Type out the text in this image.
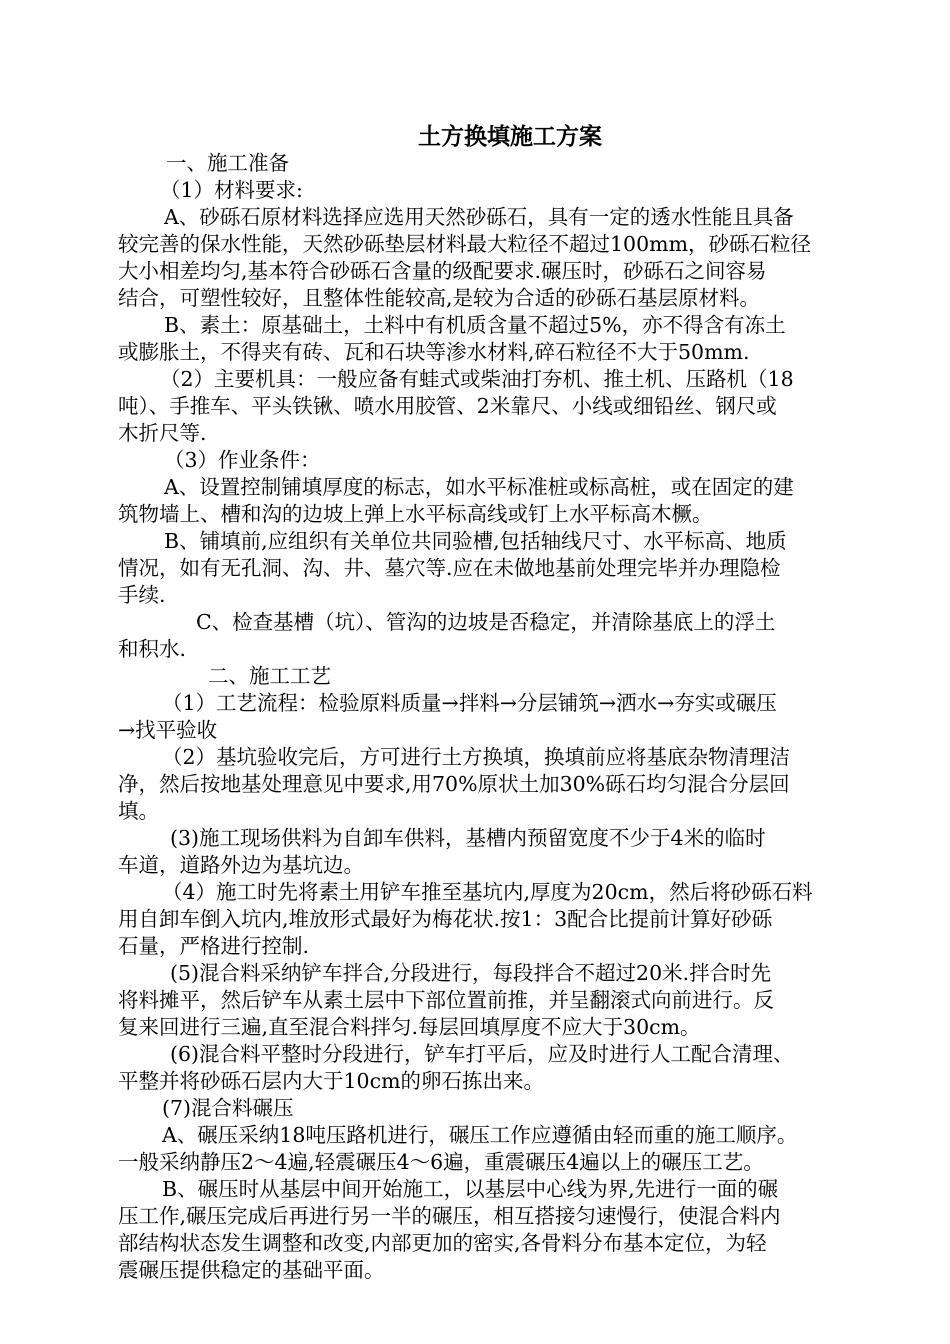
土方换填施工方案
一、施工准备
（1）材料要求:
A、砂砾石原材料选择应选用天然砂砾石，具有一定的透水性能且具备
较完善的保水性能，天然砂砾垫层材料最大粒径不超过100mm，砂砾石粒径
大小相差均匀,基本符合砂砾石含量的级配要求.碾压时，砂砾石之间容易
结合，可塑性较好，且整体性能较高,是较为合适的砂砾石基层原材料。
B、素土：原基础土，土料中有机质含量不超过5%，亦不得含有冻土
或膨胀土，不得夹有砖、瓦和石块等渗水材料,碎石粒径不大于50mm.
（2）主要机具：一般应备有蛙式或柴油打夯机、推土机、压路机（18
吨）、手推车、平头铁锹、喷水用胶管、2米靠尺、小线或细铅丝、钢尺或
木折尺等.
（3）作业条件：
A、设置控制铺填厚度的标志，如水平标准桩或标高桩，或在固定的建
筑物墙上、槽和沟的边坡上弹上水平标高线或钉上水平标高木橛。
B、铺填前,应组织有关单位共同验槽,包括轴线尺寸、水平标高、地质
情况，如有无孔洞、沟、井、墓穴等.应在未做地基前处理完毕并办理隐检
手续.
C、检查基槽（坑）、管沟的边坡是否稳定，并清除基底上的浮土
和积水.
二、施工工艺
（1）工艺流程：检验原料质量→拌料→分层铺筑→洒水→夯实或碾压
→找平验收
（2）基坑验收完后，方可进行土方换填，换填前应将基底杂物清理洁
净，然后按地基处理意见中要求,用70%原状土加30%砾石均匀混合分层回
填。
(3)施工现场供料为自卸车供料，基槽内预留宽度不少于4米的临时
车道，道路外边为基坑边。
（4）施工时先将素土用铲车推至基坑内,厚度为20cm，然后将砂砾石料
用自卸车倒入坑内,堆放形式最好为梅花状.按1：3配合比提前计算好砂砾
石量，严格进行控制.
(5)混合料采纳铲车拌合,分段进行，每段拌合不超过20米.拌合时先
将料摊平，然后铲车从素土层中下部位置前推，并呈翻滚式向前进行。反
复来回进行三遍,直至混合料拌匀.每层回填厚度不应大于30cm。
(6)混合料平整时分段进行，铲车打平后，应及时进行人工配合清理、
平整并将砂砾石层内大于10cm的卵石拣出来。
(7)混合料碾压
A、碾压采纳18吨压路机进行，碾压工作应遵循由轻而重的施工顺序。
一般采纳静压2～4遍,轻震碾压4～6遍，重震碾压4遍以上的碾压工艺。
B、碾压时从基层中间开始施工，以基层中心线为界,先进行一面的碾
压工作,碾压完成后再进行另一半的碾压，相互搭接匀速慢行，使混合料内
部结构状态发生调整和改变,内部更加的密实,各骨料分布基本定位，为轻
震碾压提供稳定的基础平面。
